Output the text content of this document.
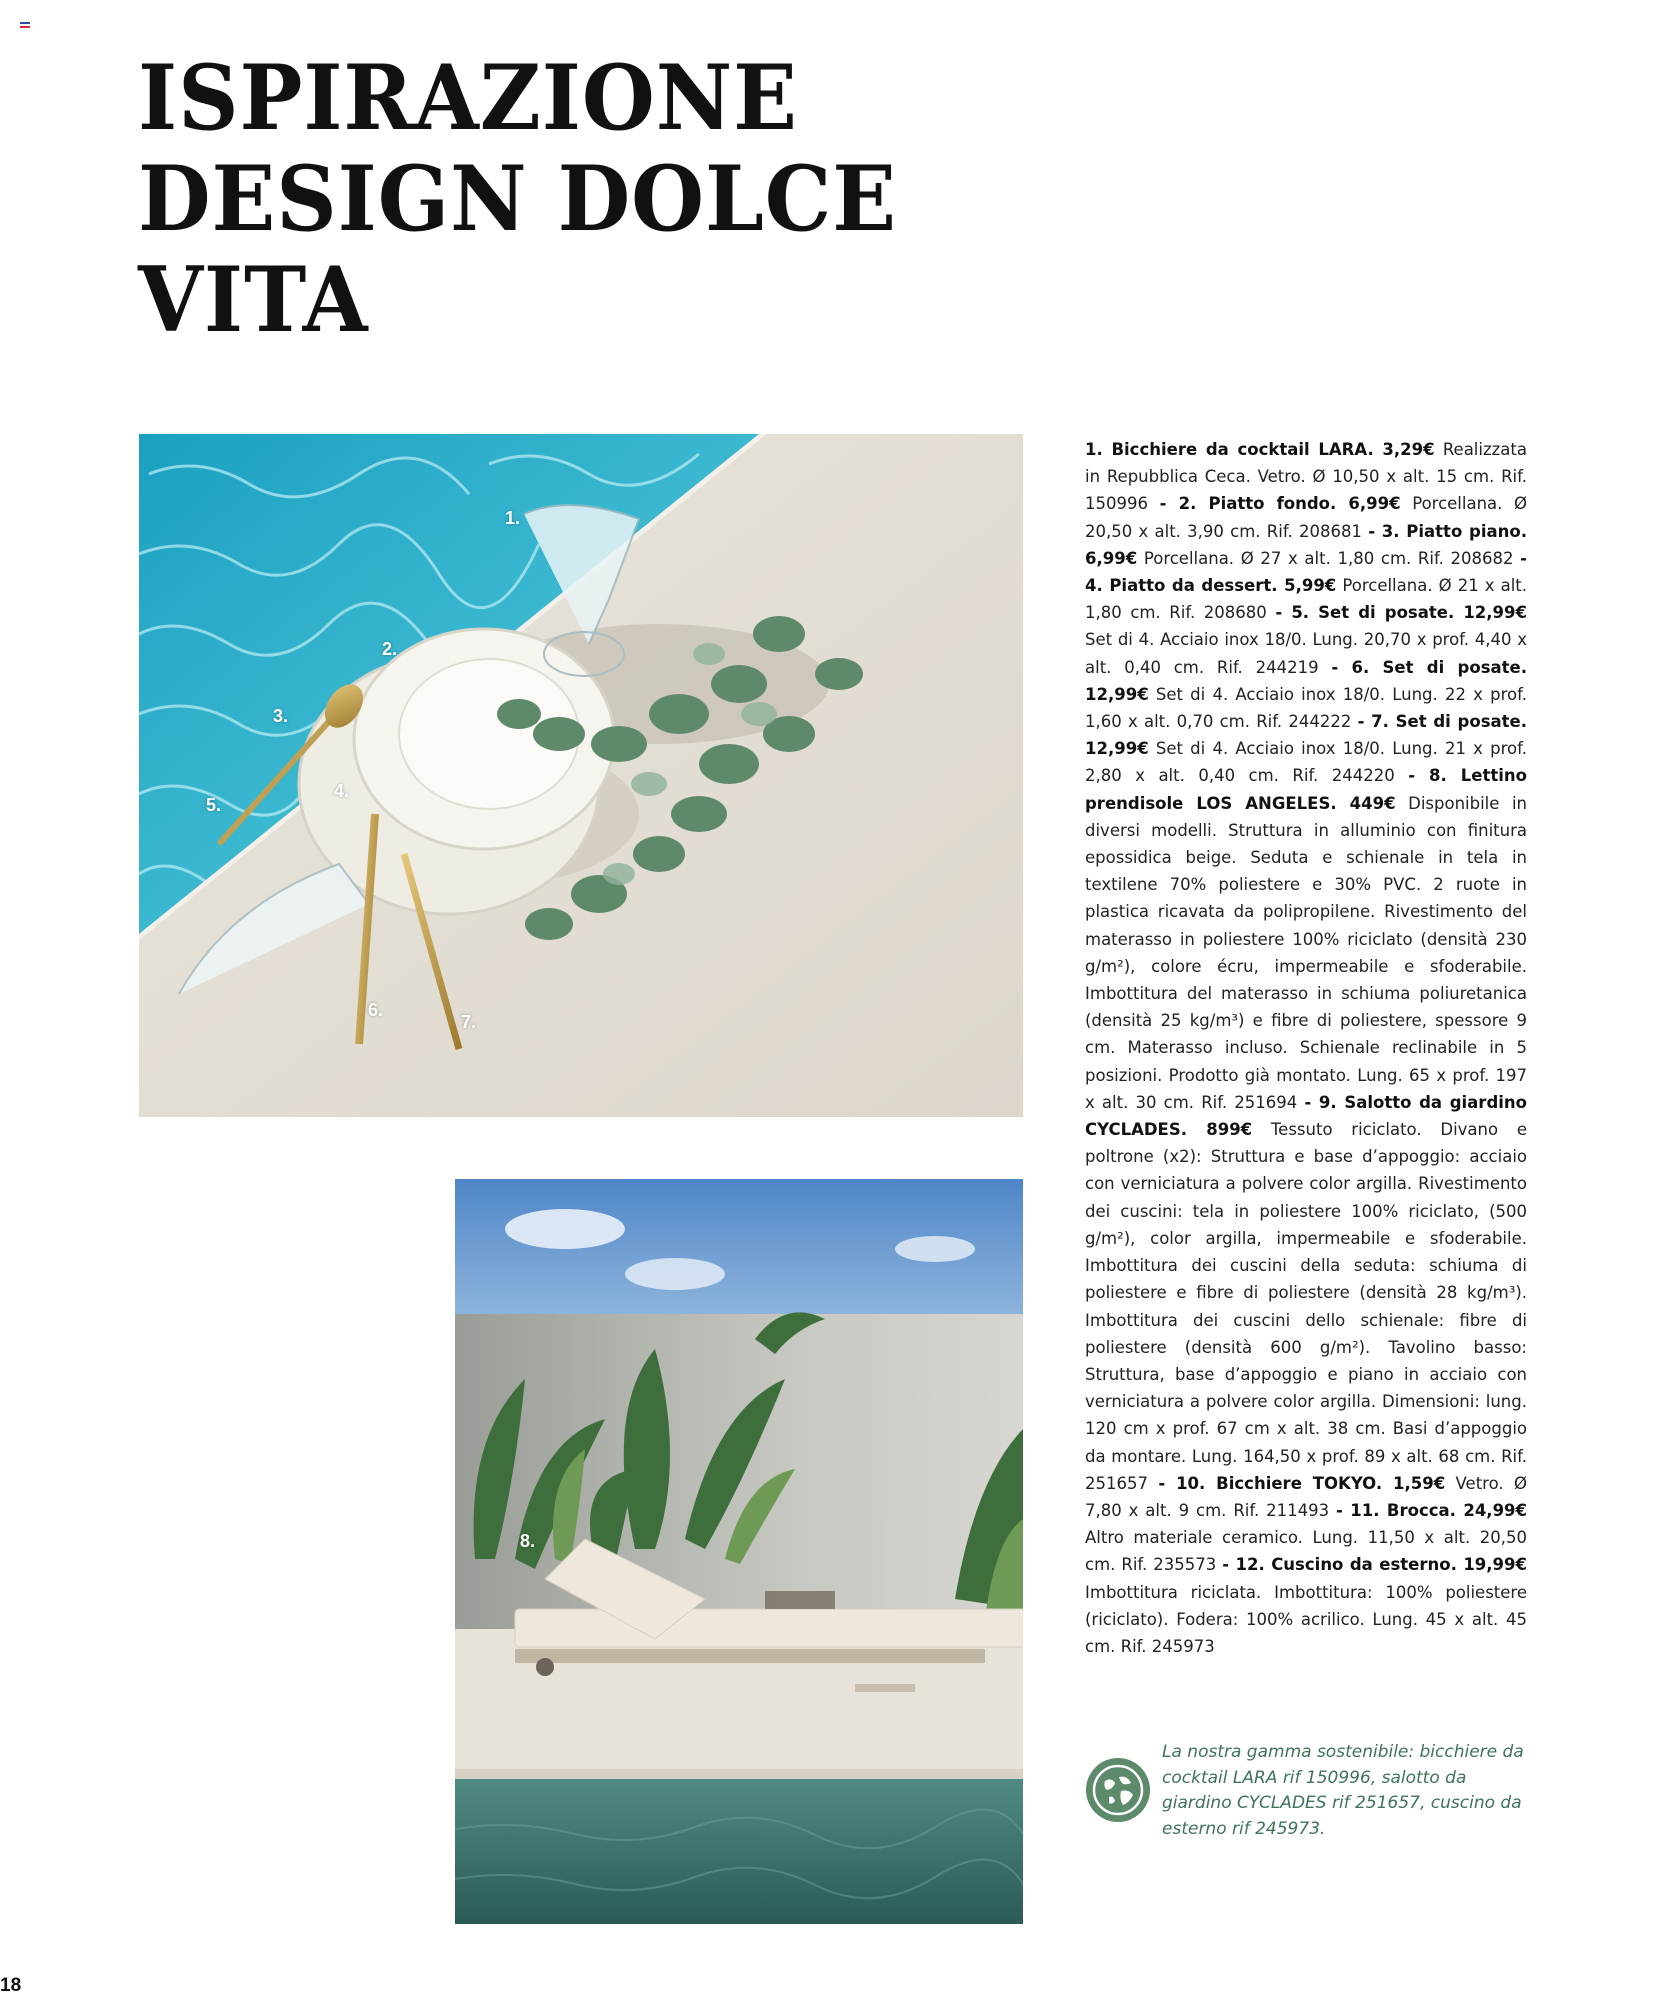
ISPIRAZIONE
DESIGN DOLCE
VITA
1.
2.
3.
4.
5.
6.
7.
8.
1. Bicchiere da cocktail LARA. 3,29€ Realizzata in Repubblica Ceca. Vetro. Ø 10,50 x alt. 15 cm. Rif. 150996 - 2. Piatto fondo. 6,99€ Porcellana. Ø 20,50 x alt. 3,90 cm. Rif. 208681 - 3. Piatto piano. 6,99€ Porcellana. Ø 27 x alt. 1,80 cm. Rif. 208682 - 4. Piatto da dessert. 5,99€ Porcellana. Ø 21 x alt. 1,80 cm. Rif. 208680 - 5. Set di posate. 12,99€ Set di 4. Acciaio inox 18/0. Lung. 20,70 x prof. 4,40 x alt. 0,40 cm. Rif. 244219 - 6. Set di posate. 12,99€ Set di 4. Acciaio inox 18/0. Lung. 22 x prof. 1,60 x alt. 0,70 cm. Rif. 244222 - 7. Set di posate. 12,99€ Set di 4. Acciaio inox 18/0. Lung. 21 x prof. 2,80 x alt. 0,40 cm. Rif. 244220 - 8. Lettino prendisole LOS ANGELES. 449€ Disponibile in diversi modelli. Struttura in alluminio con finitura epossidica beige. Seduta e schienale in tela in textilene 70% poliestere e 30% PVC. 2 ruote in plastica ricavata da polipropilene. Rivestimento del materasso in poliestere 100% riciclato (densità 230 g/m²), colore écru, impermeabile e sfoderabile. Imbottitura del materasso in schiuma poliuretanica (densità 25 kg/m³) e fibre di poliestere, spessore 9 cm. Materasso incluso. Schienale reclinabile in 5 posizioni. Prodotto già montato. Lung. 65 x prof. 197 x alt. 30 cm. Rif. 251694 - 9. Salotto da giardino CYCLADES. 899€ Tessuto riciclato. Divano e poltrone (x2): Struttura e base d’appoggio: acciaio con verniciatura a polvere color argilla. Rivestimento dei cuscini: tela in poliestere 100% riciclato, (500 g/m²), color argilla, impermeabile e sfoderabile. Imbottitura dei cuscini della seduta: schiuma di poliestere e fibre di poliestere (densità 28 kg/m³). Imbottitura dei cuscini dello schienale: fibre di poliestere (densità 600 g/m²). Tavolino basso: Struttura, base d’appoggio e piano in acciaio con verniciatura a polvere color argilla. Dimensioni: lung. 120 cm x prof. 67 cm x alt. 38 cm. Basi d’appoggio da montare. Lung. 164,50 x prof. 89 x alt. 68 cm. Rif. 251657 - 10. Bicchiere TOKYO. 1,59€ Vetro. Ø 7,80 x alt. 9 cm. Rif. 211493 - 11. Brocca. 24,99€ Altro materiale ceramico. Lung. 11,50 x alt. 20,50 cm. Rif. 235573 - 12. Cuscino da esterno. 19,99€ Imbottitura riciclata. Imbottitura: 100% poliestere (riciclato). Fodera: 100% acrilico. Lung. 45 x alt. 45 cm. Rif. 245973
La nostra gamma sostenibile: bicchiere da cocktail LARA rif 150996, salotto da giardino CYCLADES rif 251657, cuscino da esterno rif 245973.
18
